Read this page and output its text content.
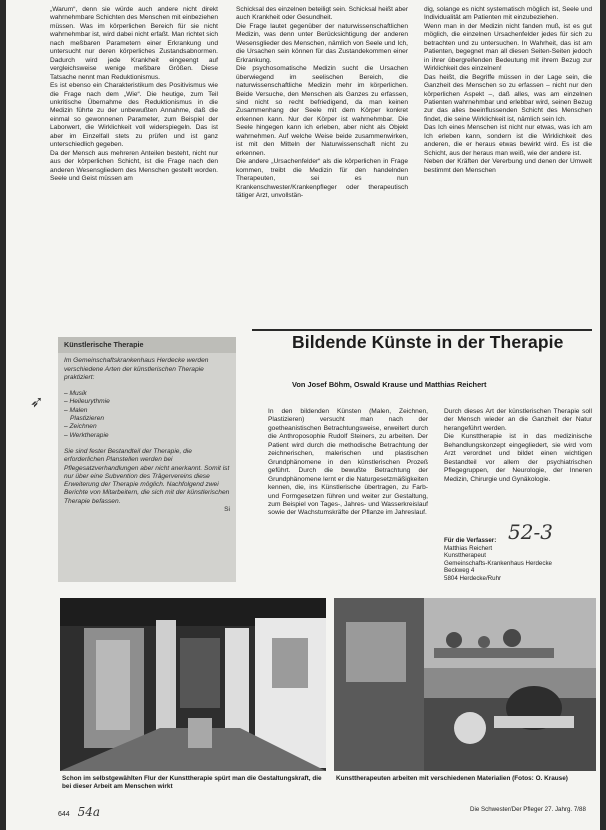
„Warum“, denn sie würde auch andere nicht direkt wahrnehmbare Schichten des Menschen mit einbeziehen müssen. Was im körperlichen Bereich für sie nicht wahrnehmbar ist, wird dabei nicht erfaßt. Man richtet sich nach meßbaren Parametern einer Erkrankung und untersucht nur deren körperliches Zustandsabnormen. Dadurch wird jede Krankheit eingeengt auf vergleichsweise wenige meßbare Größen. Diese Tatsache nennt man Reduktionismus.

Es ist ebenso ein Charakteristikum des Positivismus wie die Frage nach dem „Wie“. Die heutige, zum Teil unkritische Übernahme des Reduktionismus in die Medizin führte zu der unbewußten Annahme, daß die einmal so gewonnenen Parameter, zum Beispiel der Laborwert, die Wirklichkeit voll widerspiegeln. Das ist aber im Einzelfall stets zu prüfen und ist ganz unterschiedlich gegeben.

Da der Mensch aus mehreren Anteilen besteht, nicht nur aus der körperlichen Schicht, ist die Frage nach den anderen Wesensgliedern des Menschen gestellt worden. Seele und Geist müssen am

Schicksal des einzelnen beteiligt sein. Schicksal heißt aber auch Krankheit oder Gesundheit.

Die Frage lautet gegenüber der naturwissenschaftlichen Medizin, was denn unter Berücksichtigung der anderen Wesensglieder des Menschen, nämlich von Seele und Ich, die Ursachen sein können für das Zustandekommen einer Erkrankung.

Die psychosomatische Medizin sucht die Ursachen überwiegend im seelischen Bereich, die naturwissenschaftliche Medizin mehr im körperlichen. Beide Versuche, den Menschen als Ganzes zu erfassen, sind nicht so recht befriedigend, da man keinen Zusammenhang der Seele mit dem Körper konkret erkennen kann. Nur der Körper ist wahrnehmbar. Die Seele hingegen kann ich erleben, aber nicht als Objekt wahrnehmen. Auf welche Weise beide zusammenwirken, ist mit den Mitteln der Naturwissenschaft nicht zu erkennen.

Die andere „Ursachenfelder“ als die körperlichen in Frage kommen, treibt die Medizin für den handelnden Therapeuten, sei es nun Krankenschwester/Krankenpfleger oder therapeutisch tätiger Arzt, unvollstän-

dig, solange es nicht systematisch möglich ist, Seele und Individualität am Patienten mit einzubeziehen.

Wenn man in der Medizin nicht fanden muß, ist es gut möglich, die einzelnen Ursachenfelder jedes für sich zu betrachten und zu untersuchen. In Wahrheit, das ist am Patienten, begegnet man all diesen Seiten-Seiten jedoch in ihrer übergreifenden Bedeutung mit ihrem Bezug zur Wirklichkeit des einzelnen!

Das heißt, die Begriffe müssen in der Lage sein, die Ganzheit des Menschen so zu erfassen – nicht nur den körperlichen Aspekt –, daß alles, was am einzelnen Patienten wahrnehmbar und erlebbar wird, seinen Bezug zur das alles beeinflussenden Schicht des Menschen findet, die seine Wirklichkeit ist, nämlich sein Ich.

Das Ich eines Menschen ist nicht nur etwas, was ich am Ich erleben kann, sondern ist die Wirklichkeit des anderen, die er heraus etwas bewirkt wird. Es ist die Schicht, aus der heraus man weiß, wie der andere ist.

Neben der Kräften der Vererbung und denen der Umwelt bestimmt den Menschen

➶
Künstlerische Therapie
Im Gemeinschaftskrankenhaus Herdecke werden verschiedene Arten der künstlerischen Therapie praktiziert:
– Musik
– Heileurythmie
– Malen
Plastizieren
– Zeichnen
– Werktherapie
Sie sind fester Bestandteil der Therapie, die erforderlichen Planstellen werden bei Pflegesatzverhandlungen aber nicht anerkannt. Somit ist nur über eine Subvention des Trägervereins diese Erweiterung der Therapie möglich. Nachfolgend zwei Berichte von Mitarbeitern, die sich mit der künstlerischen Therapie befassen.
Si
Bildende Künste in der Therapie
Von Josef Böhm, Oswald Krause und Matthias Reichert

In den bildenden Künsten (Malen, Zeichnen, Plastizieren) versucht man nach der goetheanistischen Betrachtungsweise, erweitert durch die Anthroposophie Rudolf Steiners, zu arbeiten. Der Patient wird durch die methodische Betrachtung der zeichnerischen, malerischen und plastischen Grundphänomene in den künstlerischen Prozeß geführt. Durch die bewußte Betrachtung der Grundphänomene lernt er die Naturgesetzmäßigkeiten kennen, die, ins Künstlerische übertragen, zu Farb- und Formgesetzen führen und weiter zur Gestaltung, zum Beispiel von Tages-, Jahres- und Wasserkreislauf sowie der Wachstumskräfte der Pflanze im Jahreslauf.

Durch dieses Art der künstlerischen Therapie soll der Mensch wieder an die Ganzheit der Natur herangeführt werden.

Die Kunsttherapie ist in das medizinische Behandlungskonzept eingegliedert, sie wird vom Arzt verordnet und bildet einen wichtigen Bestandteil vor allem der psychiatrischen Pflegegruppen, der Neurologie, der Inneren Medizin, Chirurgie und Gynäkologie.

52-3
Für die Verfasser:
Matthias Reichert
Kunsttherapeut
Gemeinschafts-Krankenhaus Herdecke
Beckweg 4
5804 Herdecke/Ruhr
Schon im selbstgewählten Flur der Kunsttherapie spürt man die Gestaltungskraft, die bei dieser Arbeit am Menschen wirkt
Kunsttherapeuten arbeiten mit verschiedenen Materialien (Fotos: O. Krause)
644 54a	Die Schwester/Der Pfleger 27. Jahrg. 7/88
